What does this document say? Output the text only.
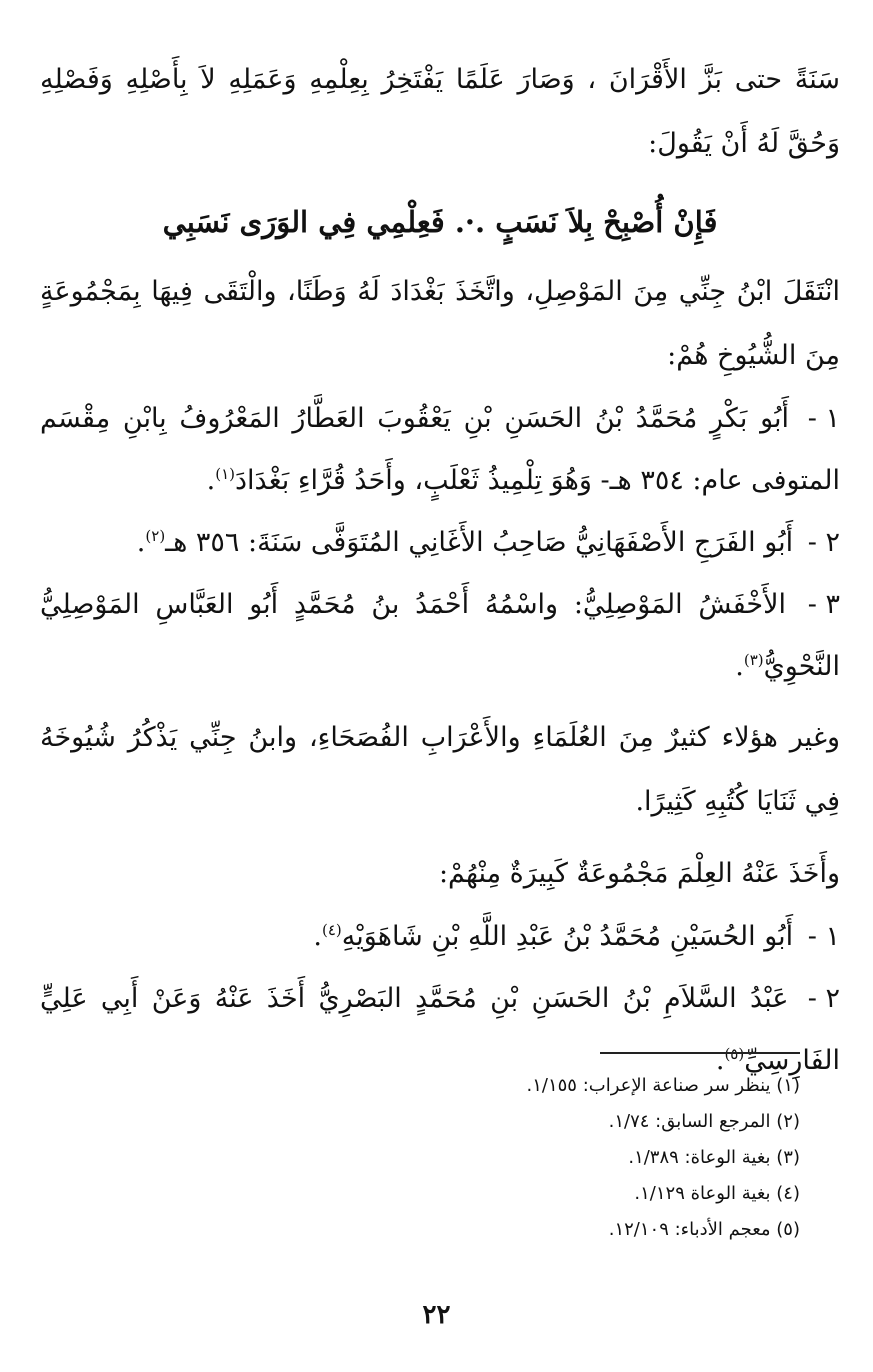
سَنَةً حتى بَزَّ الأَقْرَانَ ، وَصَارَ عَلَمًا يَفْتَخِرُ بِعِلْمِهِ وَعَمَلِهِ لاَ بِأَصْلِهِ وَفَصْلِهِ وَحُقَّ لَهُ أَنْ يَقُولَ:

فَإِنْ أُصْبِحْ بِلاَ نَسَبٍ .·. فَعِلْمِي فِي الوَرَى نَسَبِي

انْتَقَلَ ابْنُ جِنِّي مِنَ المَوْصِلِ، واتَّخَذَ بَغْدَادَ لَهُ وَطَنًا، والْتَقَى فِيهَا بِمَجْمُوعَةٍ مِنَ الشُّيُوخِ هُمْ:

١ - أَبُو بَكْرٍ مُحَمَّدُ بْنُ الحَسَنِ بْنِ يَعْقُوبَ العَطَّارُ المَعْرُوفُ بِابْنِ مِقْسَم المتوفى عام: ٣٥٤ هـ- وَهُوَ تِلْمِيذُ ثَعْلَبٍ، وأَحَدُ قُرَّاءِ بَغْدَادَ$^{(١)}$.

٢ - أَبُو الفَرَجِ الأَصْفَهَانِيُّ صَاحِبُ الأَغَانِي المُتَوَفَّى سَنَةَ: ٣٥٦ هـ$^{(٢)}$.

٣ - الأَخْفَشُ المَوْصِلِيُّ: واسْمُهُ أَحْمَدُ بنُ مُحَمَّدٍ أَبُو العَبَّاسِ المَوْصِلِيُّ النَّحْوِيُّ$^{(٣)}$.

وغير هؤلاء كثيرٌ مِنَ العُلَمَاءِ والأَعْرَابِ الفُصَحَاءِ، وابنُ جِنِّي يَذْكُرُ شُيُوخَهُ فِي ثَنَايَا كُتُبِهِ كَثِيرًا.

وأَخَذَ عَنْهُ العِلْمَ مَجْمُوعَةٌ كَبِيرَةٌ مِنْهُمْ:

١ - أَبُو الحُسَيْنِ مُحَمَّدُ بْنُ عَبْدِ اللَّهِ بْنِ شَاهَوَيْهِ$^{(٤)}$.

٢ - عَبْدُ السَّلاَمِ بْنُ الحَسَنِ بْنِ مُحَمَّدٍ البَصْرِيُّ أَخَذَ عَنْهُ وَعَنْ أَبِي عَلِيٍّ الفَارِسِيِّ$^{(٥)}$.

(١) ينظر سر صناعة الإعراب: ١/١٥٥.

(٢) المرجع السابق: ١/٧٤.

(٣) بغية الوعاة: ١/٣٨٩.

(٤) بغية الوعاة ١/١٢٩.

(٥) معجم الأدباء: ١٢/١٠٩.

٢٢
